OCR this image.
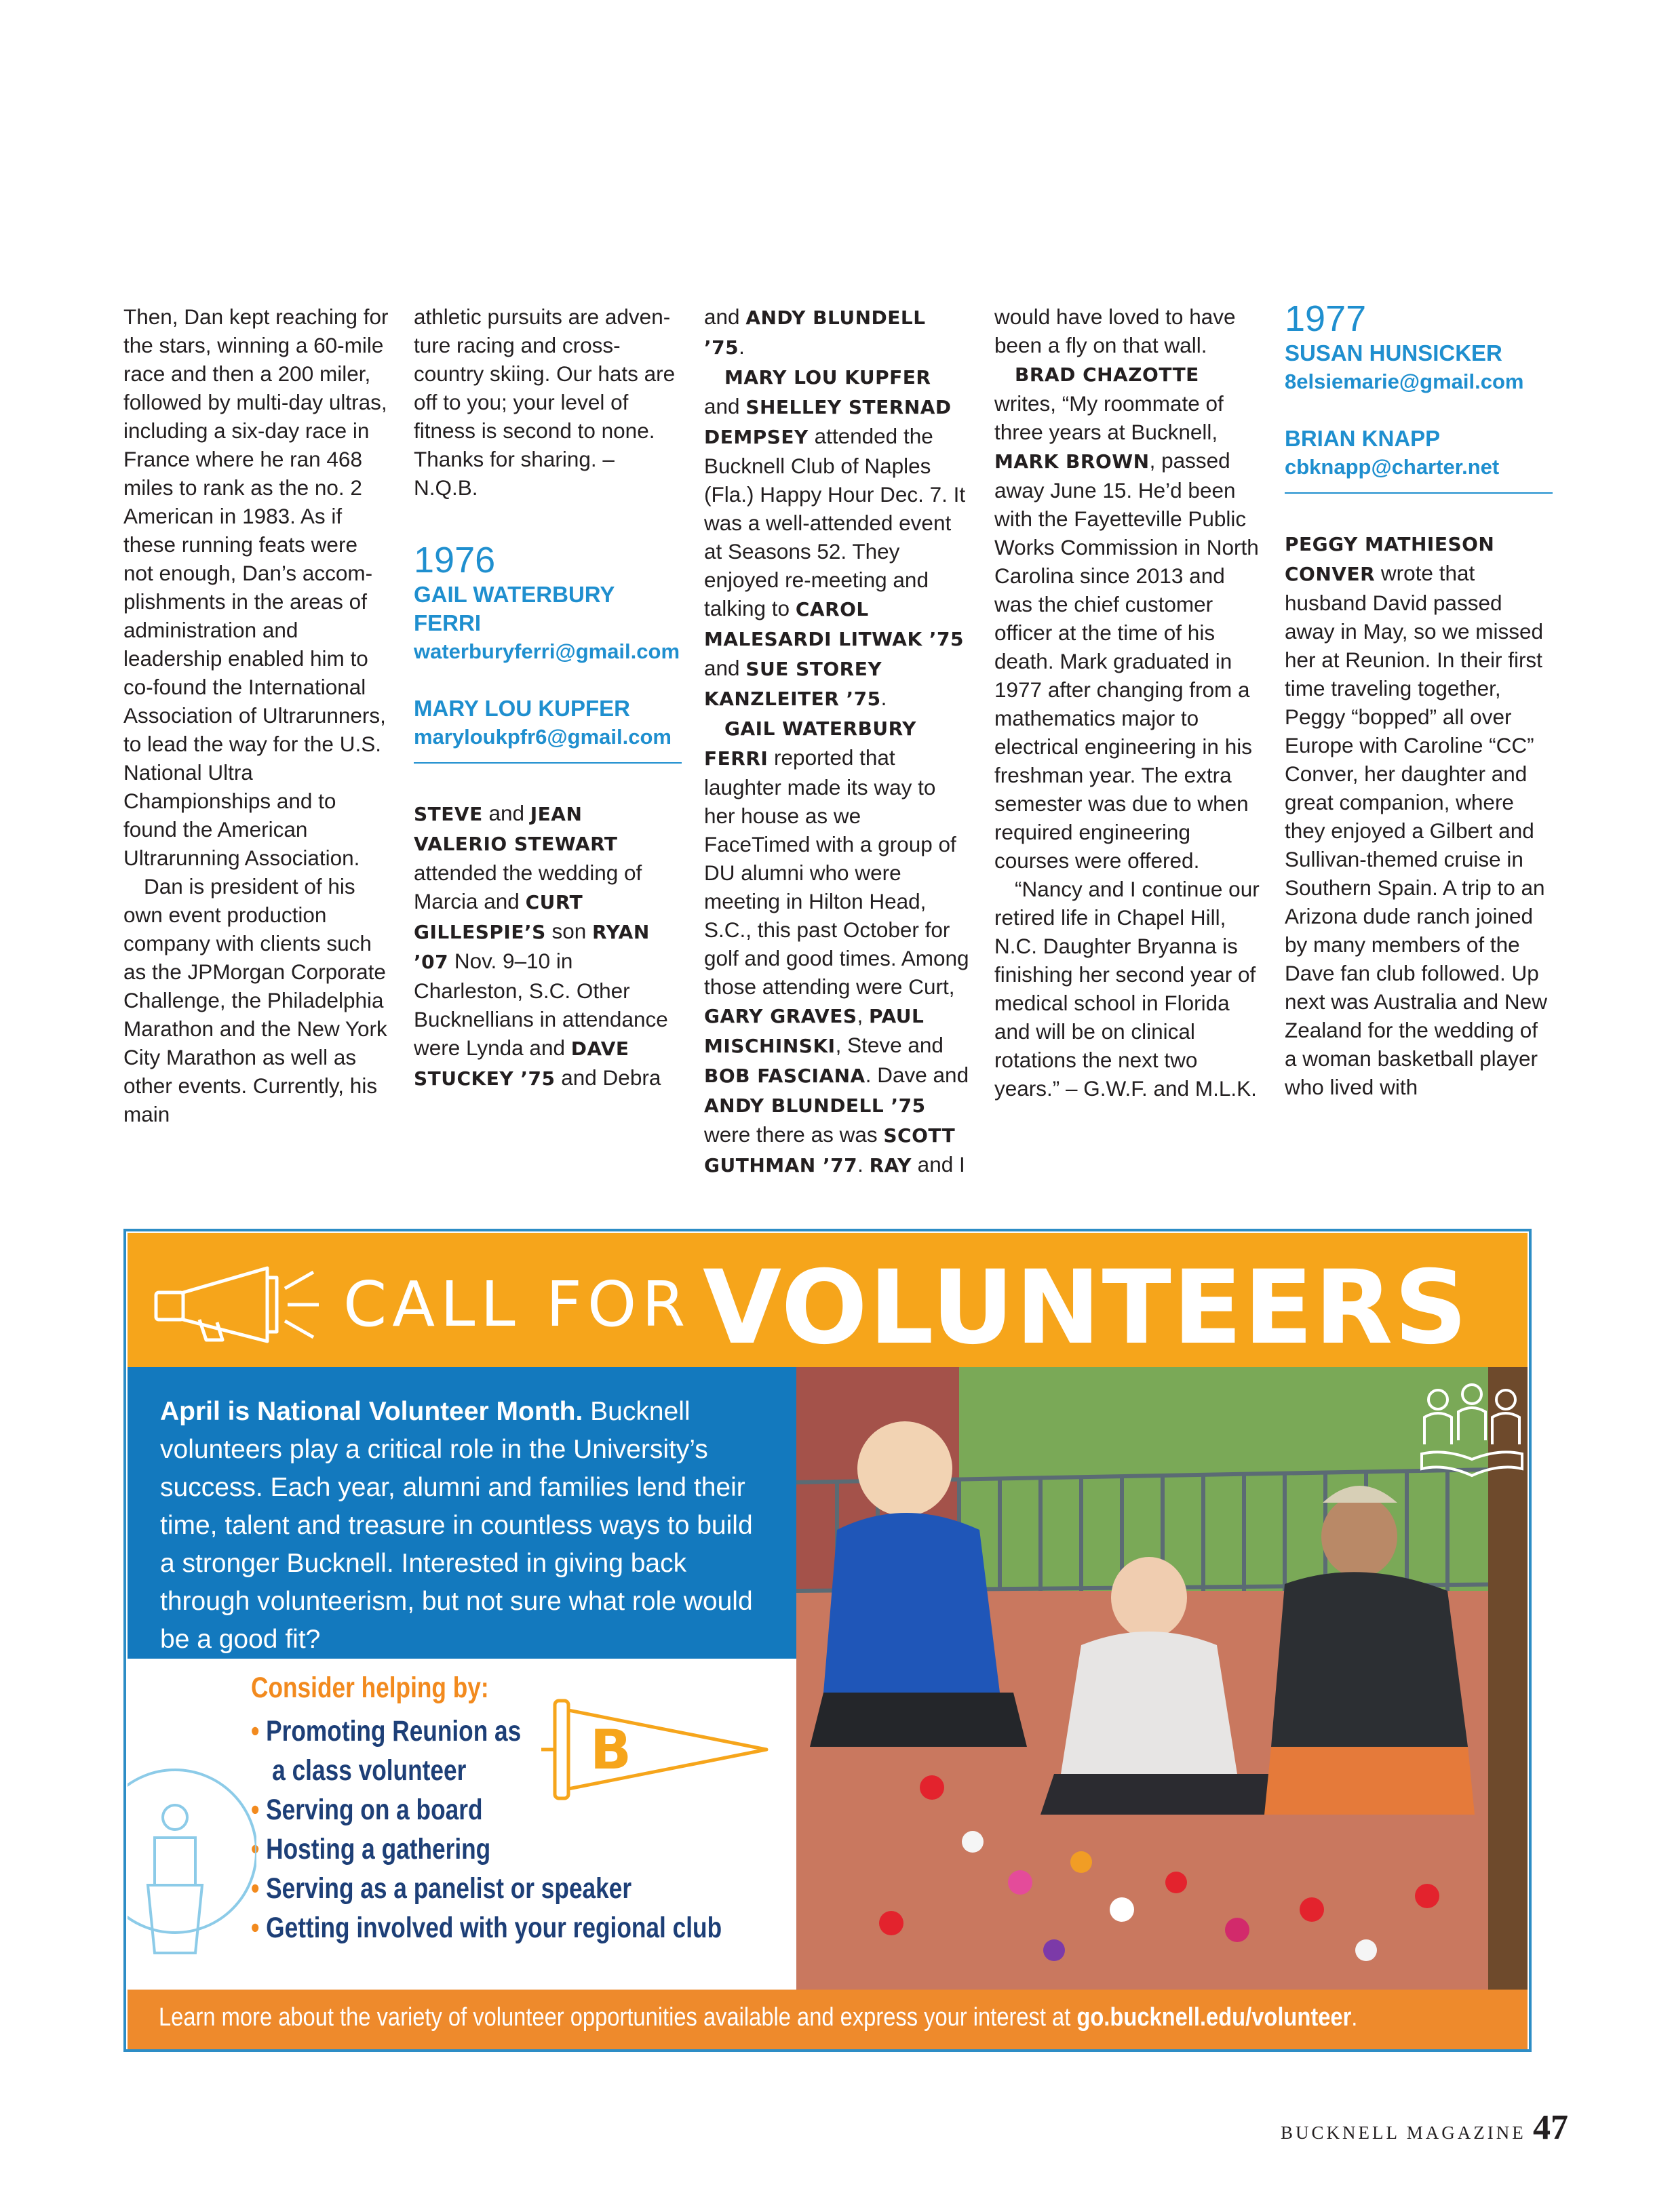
Then, Dan kept reaching for the stars, winning a 60-mile race and then a 200 miler, followed by multi-day ultras, including a six-day race in France where he ran 468 miles to rank as the no. 2 American in 1983. As if these running feats were not enough, Dan’s accomplishments in the areas of administration and leadership enabled him to co-found the International Association of Ultrarunners, to lead the way for the U.S. National Ultra Championships and to found the American Ultrarunning Association.

Dan is president of his own event production company with clients such as the JPMorgan Corporate Challenge, the Philadelphia Marathon and the New York City Marathon as well as other events. Currently, his main

athletic pursuits are adventure racing and cross-country skiing. Our hats are off to you; your level of fitness is second to none. Thanks for sharing. – N.Q.B.

1976

GAIL WATERBURY FERRI

waterburyferri@gmail.com

MARY LOU KUPFER

maryloukpfr6@gmail.com

STEVE and JEAN VALERIO STEWART attended the wedding of Marcia and CURT GILLESPIE’S son RYAN ’07 Nov. 9–10 in Charleston, S.C. Other Bucknellians in attendance were Lynda and DAVE STUCKEY ’75 and Debra

and ANDY BLUNDELL ’75.

MARY LOU KUPFER and SHELLEY STERNAD DEMPSEY attended the Bucknell Club of Naples (Fla.) Happy Hour Dec. 7. It was a well-attended event at Seasons 52. They enjoyed re-meeting and talking to CAROL MALESARDI LITWAK ’75 and SUE STOREY KANZLEITER ’75.

GAIL WATERBURY FERRI reported that laughter made its way to her house as we FaceTimed with a group of DU alumni who were meeting in Hilton Head, S.C., this past October for golf and good times. Among those attending were Curt, GARY GRAVES, PAUL MISCHINSKI, Steve and BOB FASCIANA. Dave and ANDY BLUNDELL ’75 were there as was SCOTT GUTHMAN ’77. RAY and I

would have loved to have been a fly on that wall.

BRAD CHAZOTTE writes, “My roommate of three years at Bucknell, MARK BROWN, passed away June 15. He’d been with the Fayetteville Public Works Commission in North Carolina since 2013 and was the chief customer officer at the time of his death. Mark graduated in 1977 after changing from a mathematics major to electrical engineering in his freshman year. The extra semester was due to when required engineering courses were offered.

“Nancy and I continue our retired life in Chapel Hill, N.C. Daughter Bryanna is finishing her second year of medical school in Florida and will be on clinical rotations the next two years.” – G.W.F. and M.L.K.

1977

SUSAN HUNSICKER

8elsiemarie@gmail.com

BRIAN KNAPP

cbknapp@charter.net

PEGGY MATHIESON CONVER wrote that husband David passed away in May, so we missed her at Reunion. In their first time traveling together, Peggy “bopped” all over Europe with Caroline “CC” Conver, her daughter and great companion, where they enjoyed a Gilbert and Sullivan-themed cruise in Southern Spain. A trip to an Arizona dude ranch joined by many members of the Dave fan club followed. Up next was Australia and New Zealand for the wedding of a woman basketball player who lived with

CALL FOR VOLUNTEERS
April is National Volunteer Month. Bucknell volunteers play a critical role in the University’s success. Each year, alumni and families lend their time, talent and treasure in countless ways to build a stronger Bucknell. Interested in giving back through volunteerism, but not sure what role would be a good fit?

Consider helping by:

• Promoting Reunion as

a class volunteer

• Serving on a board

• Hosting a gathering

• Serving as a panelist or speaker

• Getting involved with your regional club

B
Learn more about the variety of volunteer opportunities available and express your interest at go.bucknell.edu/volunteer.
BUCKNELL MAGAZINE 47
